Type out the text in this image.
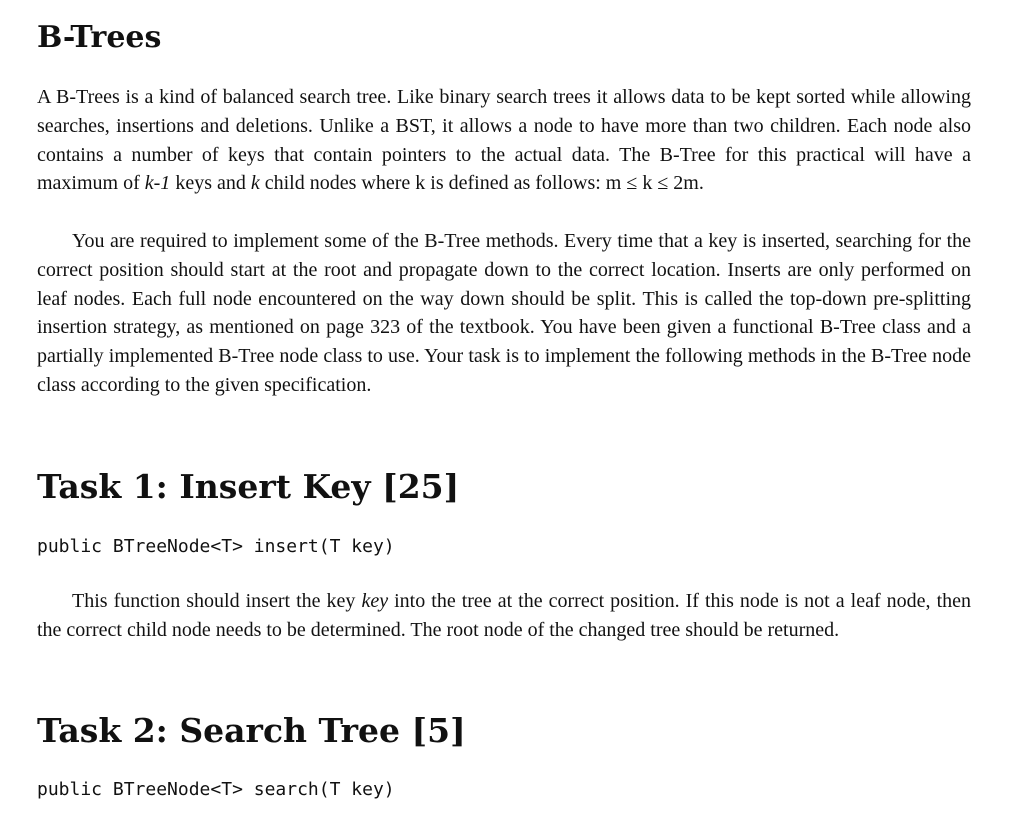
B-Trees

A B-Trees is a kind of balanced search tree. Like binary search trees it allows data to be kept sorted while allowing searches, insertions and deletions. Unlike a BST, it allows a node to have more than two children. Each node also contains a number of keys that contain pointers to the actual data. The B-Tree for this practical will have a maximum of k-1 keys and k child nodes where k is defined as follows: m ≤ k ≤ 2m.

You are required to implement some of the B-Tree methods. Every time that a key is inserted, searching for the correct position should start at the root and propagate down to the correct location. Inserts are only performed on leaf nodes. Each full node encountered on the way down should be split. This is called the top-down pre-splitting insertion strategy, as mentioned on page 323 of the textbook. You have been given a functional B-Tree class and a partially implemented B-Tree node class to use. Your task is to implement the following methods in the B-Tree node class according to the given specification.

Task 1: Insert Key [25]
public BTreeNode<T> insert(T key)

This function should insert the key key into the tree at the correct position. If this node is not a leaf node, then the correct child node needs to be determined. The root node of the changed tree should be returned.

Task 2: Search Tree [5]
public BTreeNode<T> search(T key)
